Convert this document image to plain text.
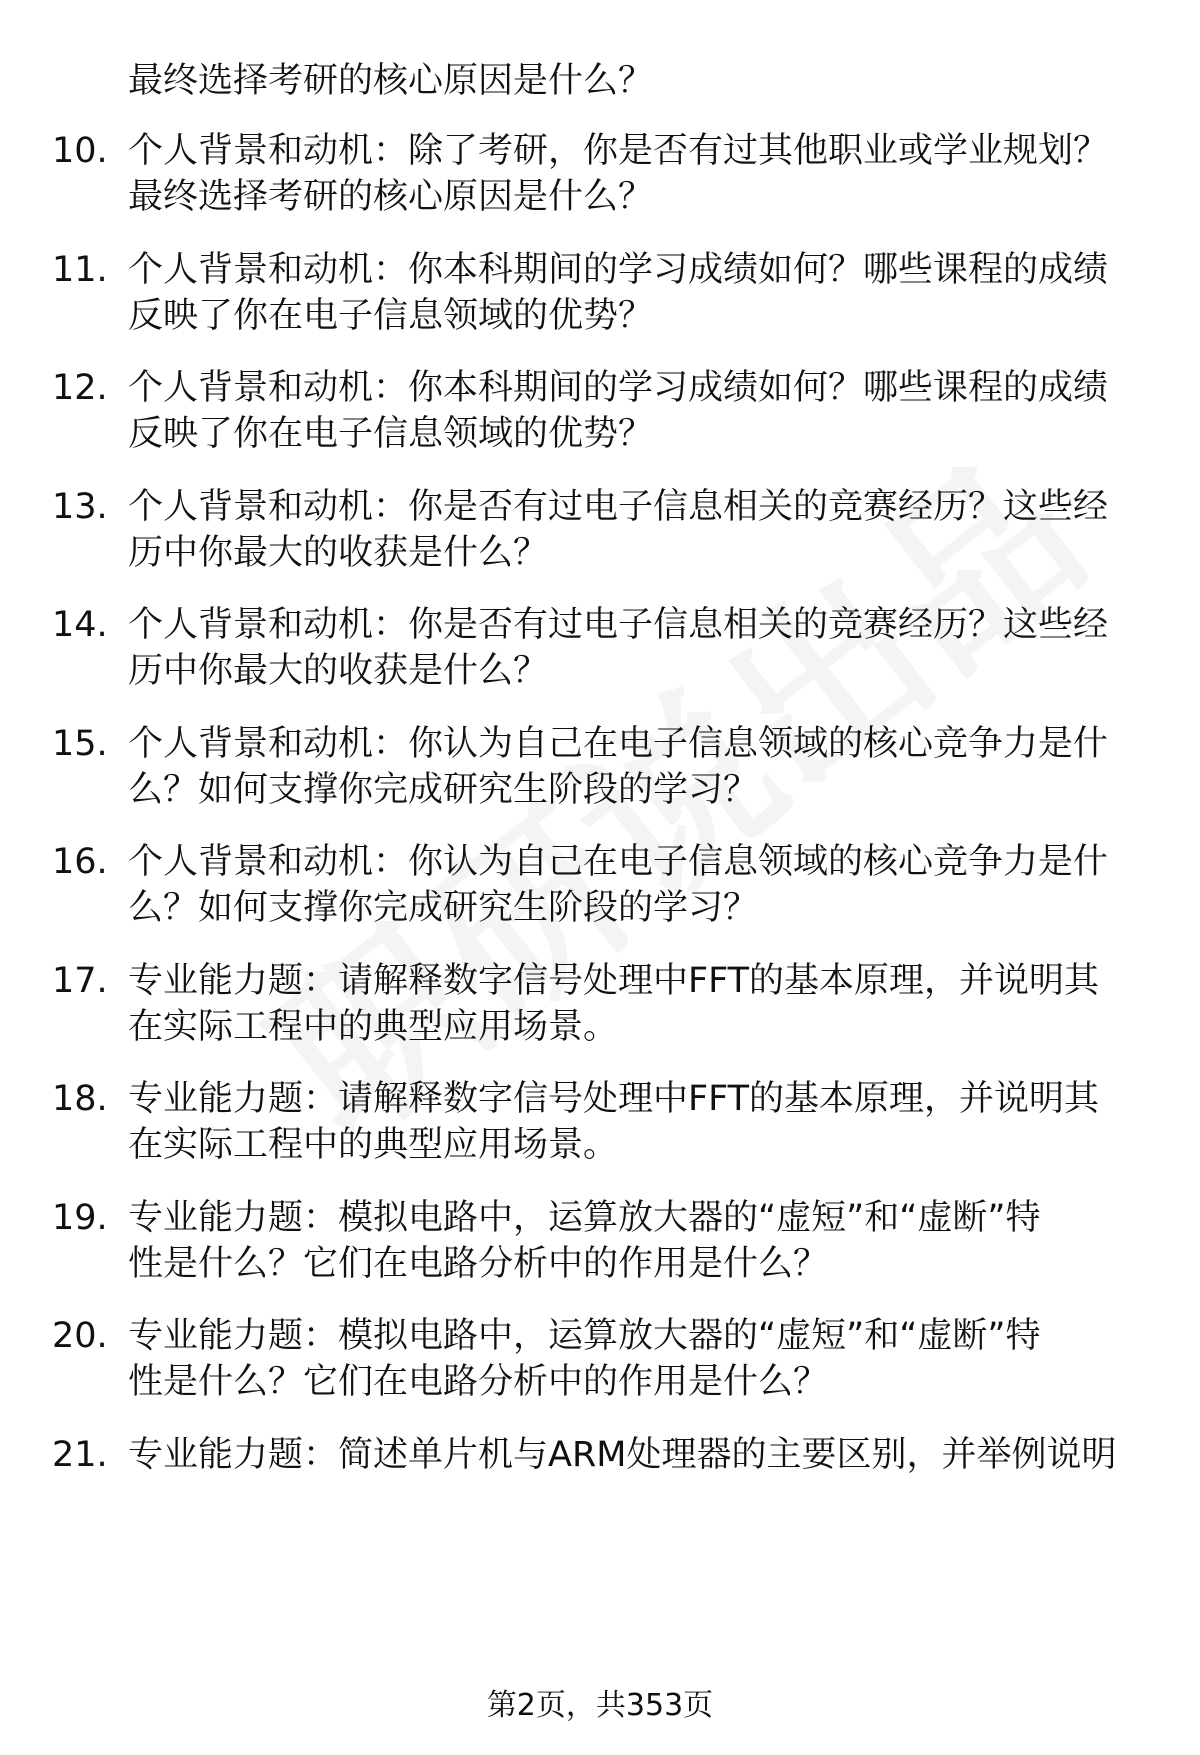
最终选择考研的核心原因是什么？
10. 个人背景和动机：除了考研，你是否有过其他职业或学业规划？
最终选择考研的核心原因是什么？
11. 个人背景和动机：你本科期间的学习成绩如何？哪些课程的成绩
反映了你在电子信息领域的优势？
12. 个人背景和动机：你本科期间的学习成绩如何？哪些课程的成绩
反映了你在电子信息领域的优势？
13. 个人背景和动机：你是否有过电子信息相关的竞赛经历？这些经
历中你最大的收获是什么？
14. 个人背景和动机：你是否有过电子信息相关的竞赛经历？这些经
历中你最大的收获是什么？
15. 个人背景和动机：你认为自己在电子信息领域的核心竞争力是什
么？如何支撑你完成研究生阶段的学习？
16. 个人背景和动机：你认为自己在电子信息领域的核心竞争力是什
么？如何支撑你完成研究生阶段的学习？
17. 专业能力题：请解释数字信号处理中FFT的基本原理，并说明其
在实际工程中的典型应用场景。
18. 专业能力题：请解释数字信号处理中FFT的基本原理，并说明其
在实际工程中的典型应用场景。
19. 专业能力题：模拟电路中，运算放大器的“虚短”和“虚断”特
性是什么？它们在电路分析中的作用是什么？
20. 专业能力题：模拟电路中，运算放大器的“虚短”和“虚断”特
性是什么？它们在电路分析中的作用是什么？
21. 专业能力题：简述单片机与ARM处理器的主要区别，并举例说明
第2页，共353页
